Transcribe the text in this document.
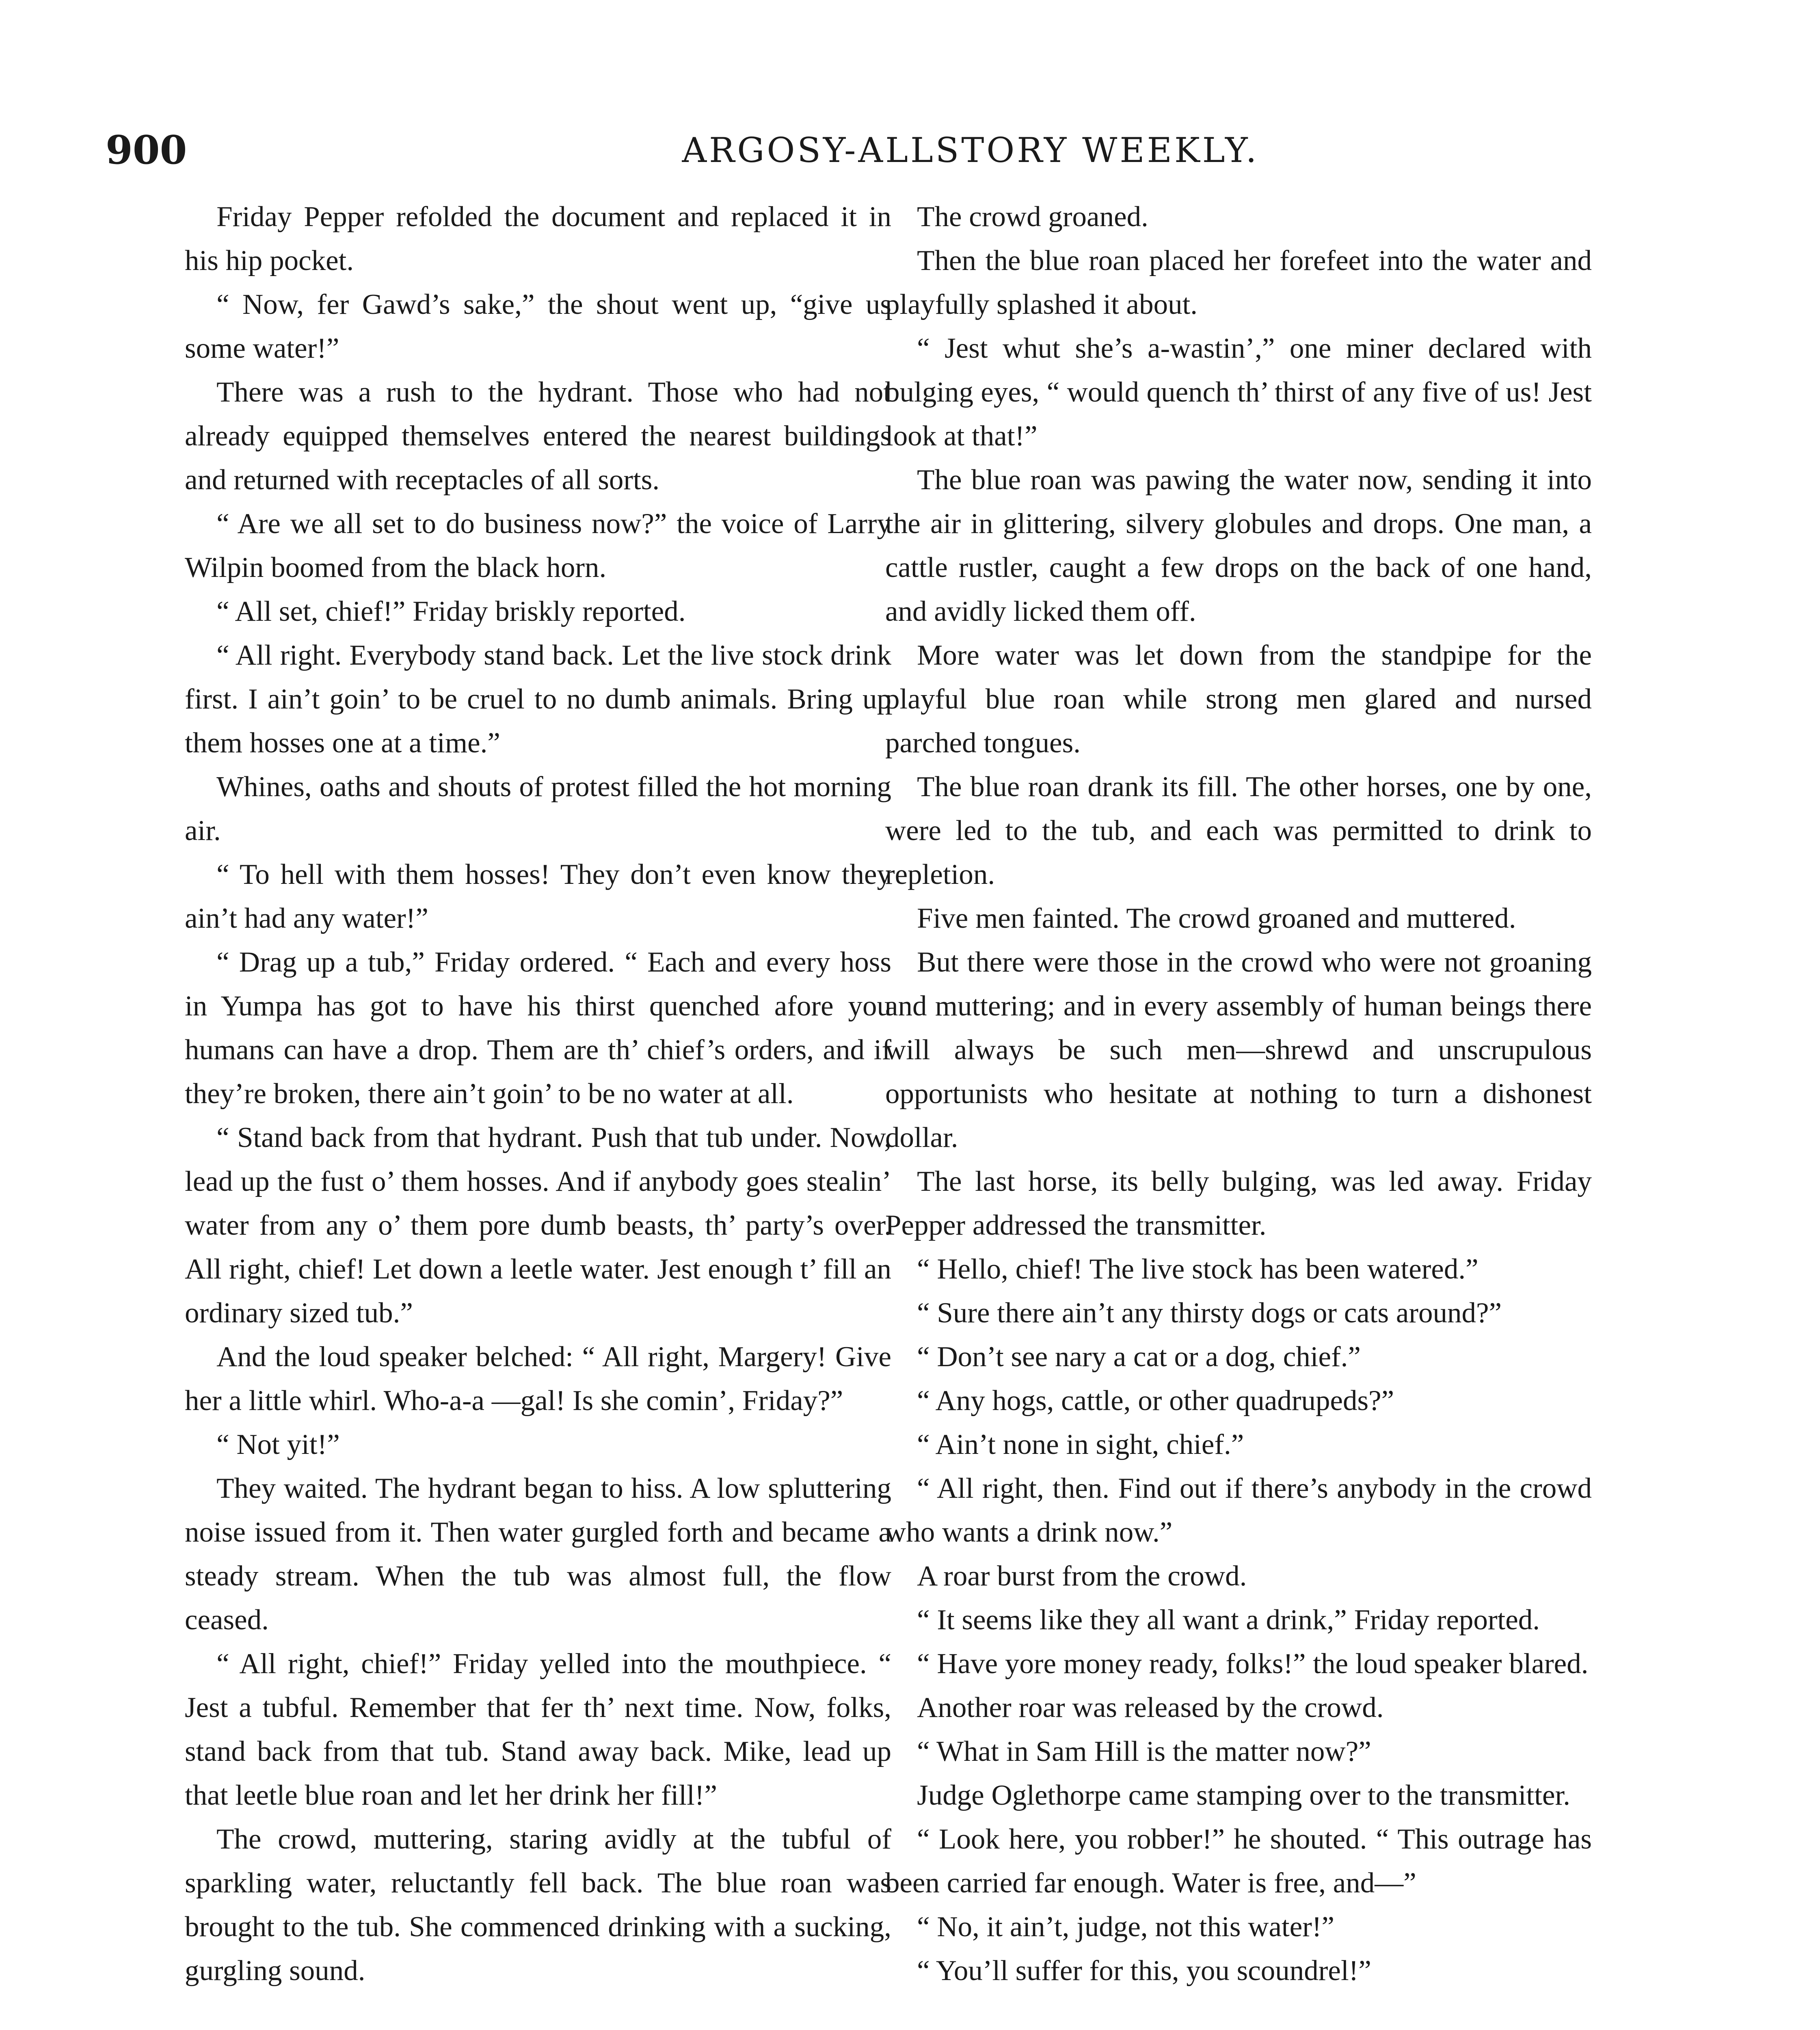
900	ARGOSY-ALLSTORY WEEKLY.

Friday Pepper refolded the document and replaced it in his hip pocket.

“ Now, fer Gawd’s sake,” the shout went up, “give us some water!”

There was a rush to the hydrant. Those who had not already equipped themselves entered the nearest buildings and returned with receptacles of all sorts.

“ Are we all set to do business now?” the voice of Larry Wilpin boomed from the black horn.

“ All set, chief!” Friday briskly reported.

“ All right. Everybody stand back. Let the live stock drink first. I ain’t goin’ to be cruel to no dumb animals. Bring up them hosses one at a time.”

Whines, oaths and shouts of protest filled the hot morning air.

“ To hell with them hosses! They don’t even know they ain’t had any water!”

“ Drag up a tub,” Friday ordered. “ Each and every hoss in Yumpa has got to have his thirst quenched afore you humans can have a drop. Them are th’ chief’s orders, and if they’re broken, there ain’t goin’ to be no water at all.

“ Stand back from that hydrant. Push that tub under. Now, lead up the fust o’ them hosses. And if anybody goes stealin’ water from any o’ them pore dumb beasts, th’ party’s over. All right, chief! Let down a leetle water. Jest enough t’ fill an ordinary sized tub.”

And the loud speaker belched: “ All right, Margery! Give her a little whirl. Who-a-a —gal! Is she comin’, Friday?”

“ Not yit!”

They waited. The hydrant began to hiss. A low spluttering noise issued from it. Then water gurgled forth and became a steady stream. When the tub was almost full, the flow ceased.

“ All right, chief!” Friday yelled into the mouthpiece. “ Jest a tubful. Remember that fer th’ next time. Now, folks, stand back from that tub. Stand away back. Mike, lead up that leetle blue roan and let her drink her fill!”

The crowd, muttering, staring avidly at the tubful of sparkling water, reluctantly fell back. The blue roan was brought to the tub. She commenced drinking with a sucking, gurgling sound.

The crowd groaned.

Then the blue roan placed her forefeet into the water and playfully splashed it about.

“ Jest whut she’s a-wastin’,” one miner declared with bulging eyes, “ would quench th’ thirst of any five of us! Jest look at that!”

The blue roan was pawing the water now, sending it into the air in glittering, silvery globules and drops. One man, a cattle rustler, caught a few drops on the back of one hand, and avidly licked them off.

More water was let down from the standpipe for the playful blue roan while strong men glared and nursed parched tongues.

The blue roan drank its fill. The other horses, one by one, were led to the tub, and each was permitted to drink to repletion.

Five men fainted. The crowd groaned and muttered.

But there were those in the crowd who were not groaning and muttering; and in every assembly of human beings there will always be such men—shrewd and unscrupulous opportunists who hesitate at nothing to turn a dishonest dollar.

The last horse, its belly bulging, was led away. Friday Pepper addressed the transmitter.

“ Hello, chief! The live stock has been watered.”

“ Sure there ain’t any thirsty dogs or cats around?”

“ Don’t see nary a cat or a dog, chief.”

“ Any hogs, cattle, or other quadrupeds?”

“ Ain’t none in sight, chief.”

“ All right, then. Find out if there’s anybody in the crowd who wants a drink now.”

A roar burst from the crowd.

“ It seems like they all want a drink,” Friday reported.

“ Have yore money ready, folks!” the loud speaker blared.

Another roar was released by the crowd.

“ What in Sam Hill is the matter now?”

Judge Oglethorpe came stamping over to the transmitter.

“ Look here, you robber!” he shouted. “ This outrage has been carried far enough. Water is free, and—”

“ No, it ain’t, judge, not this water!”

“ You’ll suffer for this, you scoundrel!”
